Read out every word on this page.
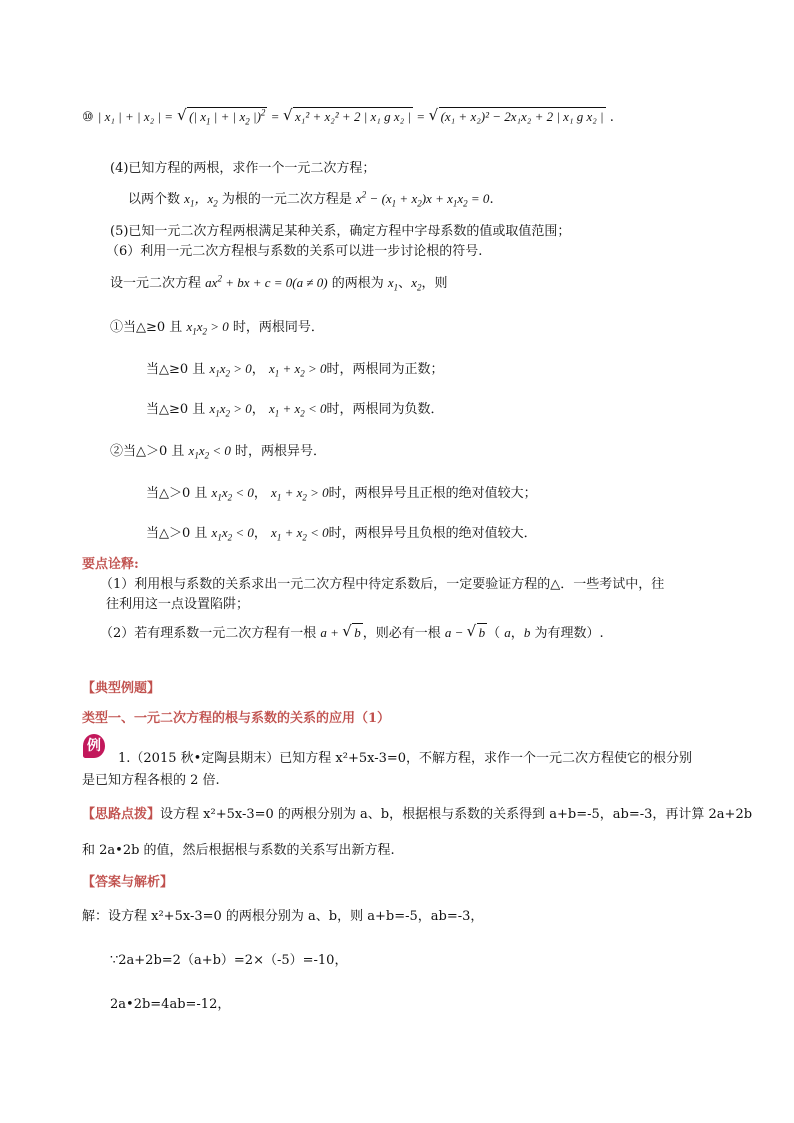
⑩ | x₁ | + | x₂ | = √ (| $x_1$ | + | $x_2$ |)$^2$ = √ x₁² + x₂² + 2 | x₁ g x₂ | = √ (x₁ + x₂)² − 2x₁x₂ + 2 | x₁ g x₂ | .
(4)已知方程的两根，求作一个一元二次方程；
以两个数 $x_1$，$x_2$ 为根的一元二次方程是 $x^2 - (x_1 + x_2)x + x_1x_2 = 0$.
(5)已知一元二次方程两根满足某种关系，确定方程中字母系数的值或取值范围；
（6）利用一元二次方程根与系数的关系可以进一步讨论根的符号.
设一元二次方程 $ax^2$ + bx + c = 0(a ≠ 0) 的两根为 $x_1$、$x_2$，则
①当△≥0 且 $x_1x_2 > 0$ 时，两根同号．
当△≥0 且 $x_1x_2 > 0$， $x_1 + x_2 > 0$时，两根同为正数；
当△≥0 且 $x_1x_2 > 0$， $x_1 + x_2 < 0$时，两根同为负数．
②当△＞0 且 $x_1x_2 < 0$ 时，两根异号．
当△＞0 且 $x_1x_2 < 0$， $x_1 + x_2 > 0$时，两根异号且正根的绝对值较大；
当△＞0 且 $x_1x_2 < 0$， $x_1 + x_2 < 0$时，两根异号且负根的绝对值较大．
要点诠释:
（1）利用根与系数的关系求出一元二次方程中待定系数后，一定要验证方程的△．一些考试中，往
往利用这一点设置陷阱；
（2）若有理系数一元二次方程有一根 a + √ b ，则必有一根 a − √ b （ a，b 为有理数）.
【典型例题】
类型一、一元二次方程的根与系数的关系的应用（1）
例
1.（2015 秋•定陶县期末）已知方程 x²+5x-3=0，不解方程，求作一个一元二次方程使它的根分别
是已知方程各根的 2 倍.
【思路点拨】设方程 x²+5x-3=0 的两根分别为 a、b，根据根与系数的关系得到 a+b=-5，ab=-3，再计算 2a+2b
和 2a•2b 的值，然后根据根与系数的关系写出新方程.
【答案与解析】
解：设方程 x²+5x-3=0 的两根分别为 a、b，则 a+b=-5，ab=-3，
∵2a+2b=2（a+b）=2×（-5）=-10，
2a•2b=4ab=-12，
